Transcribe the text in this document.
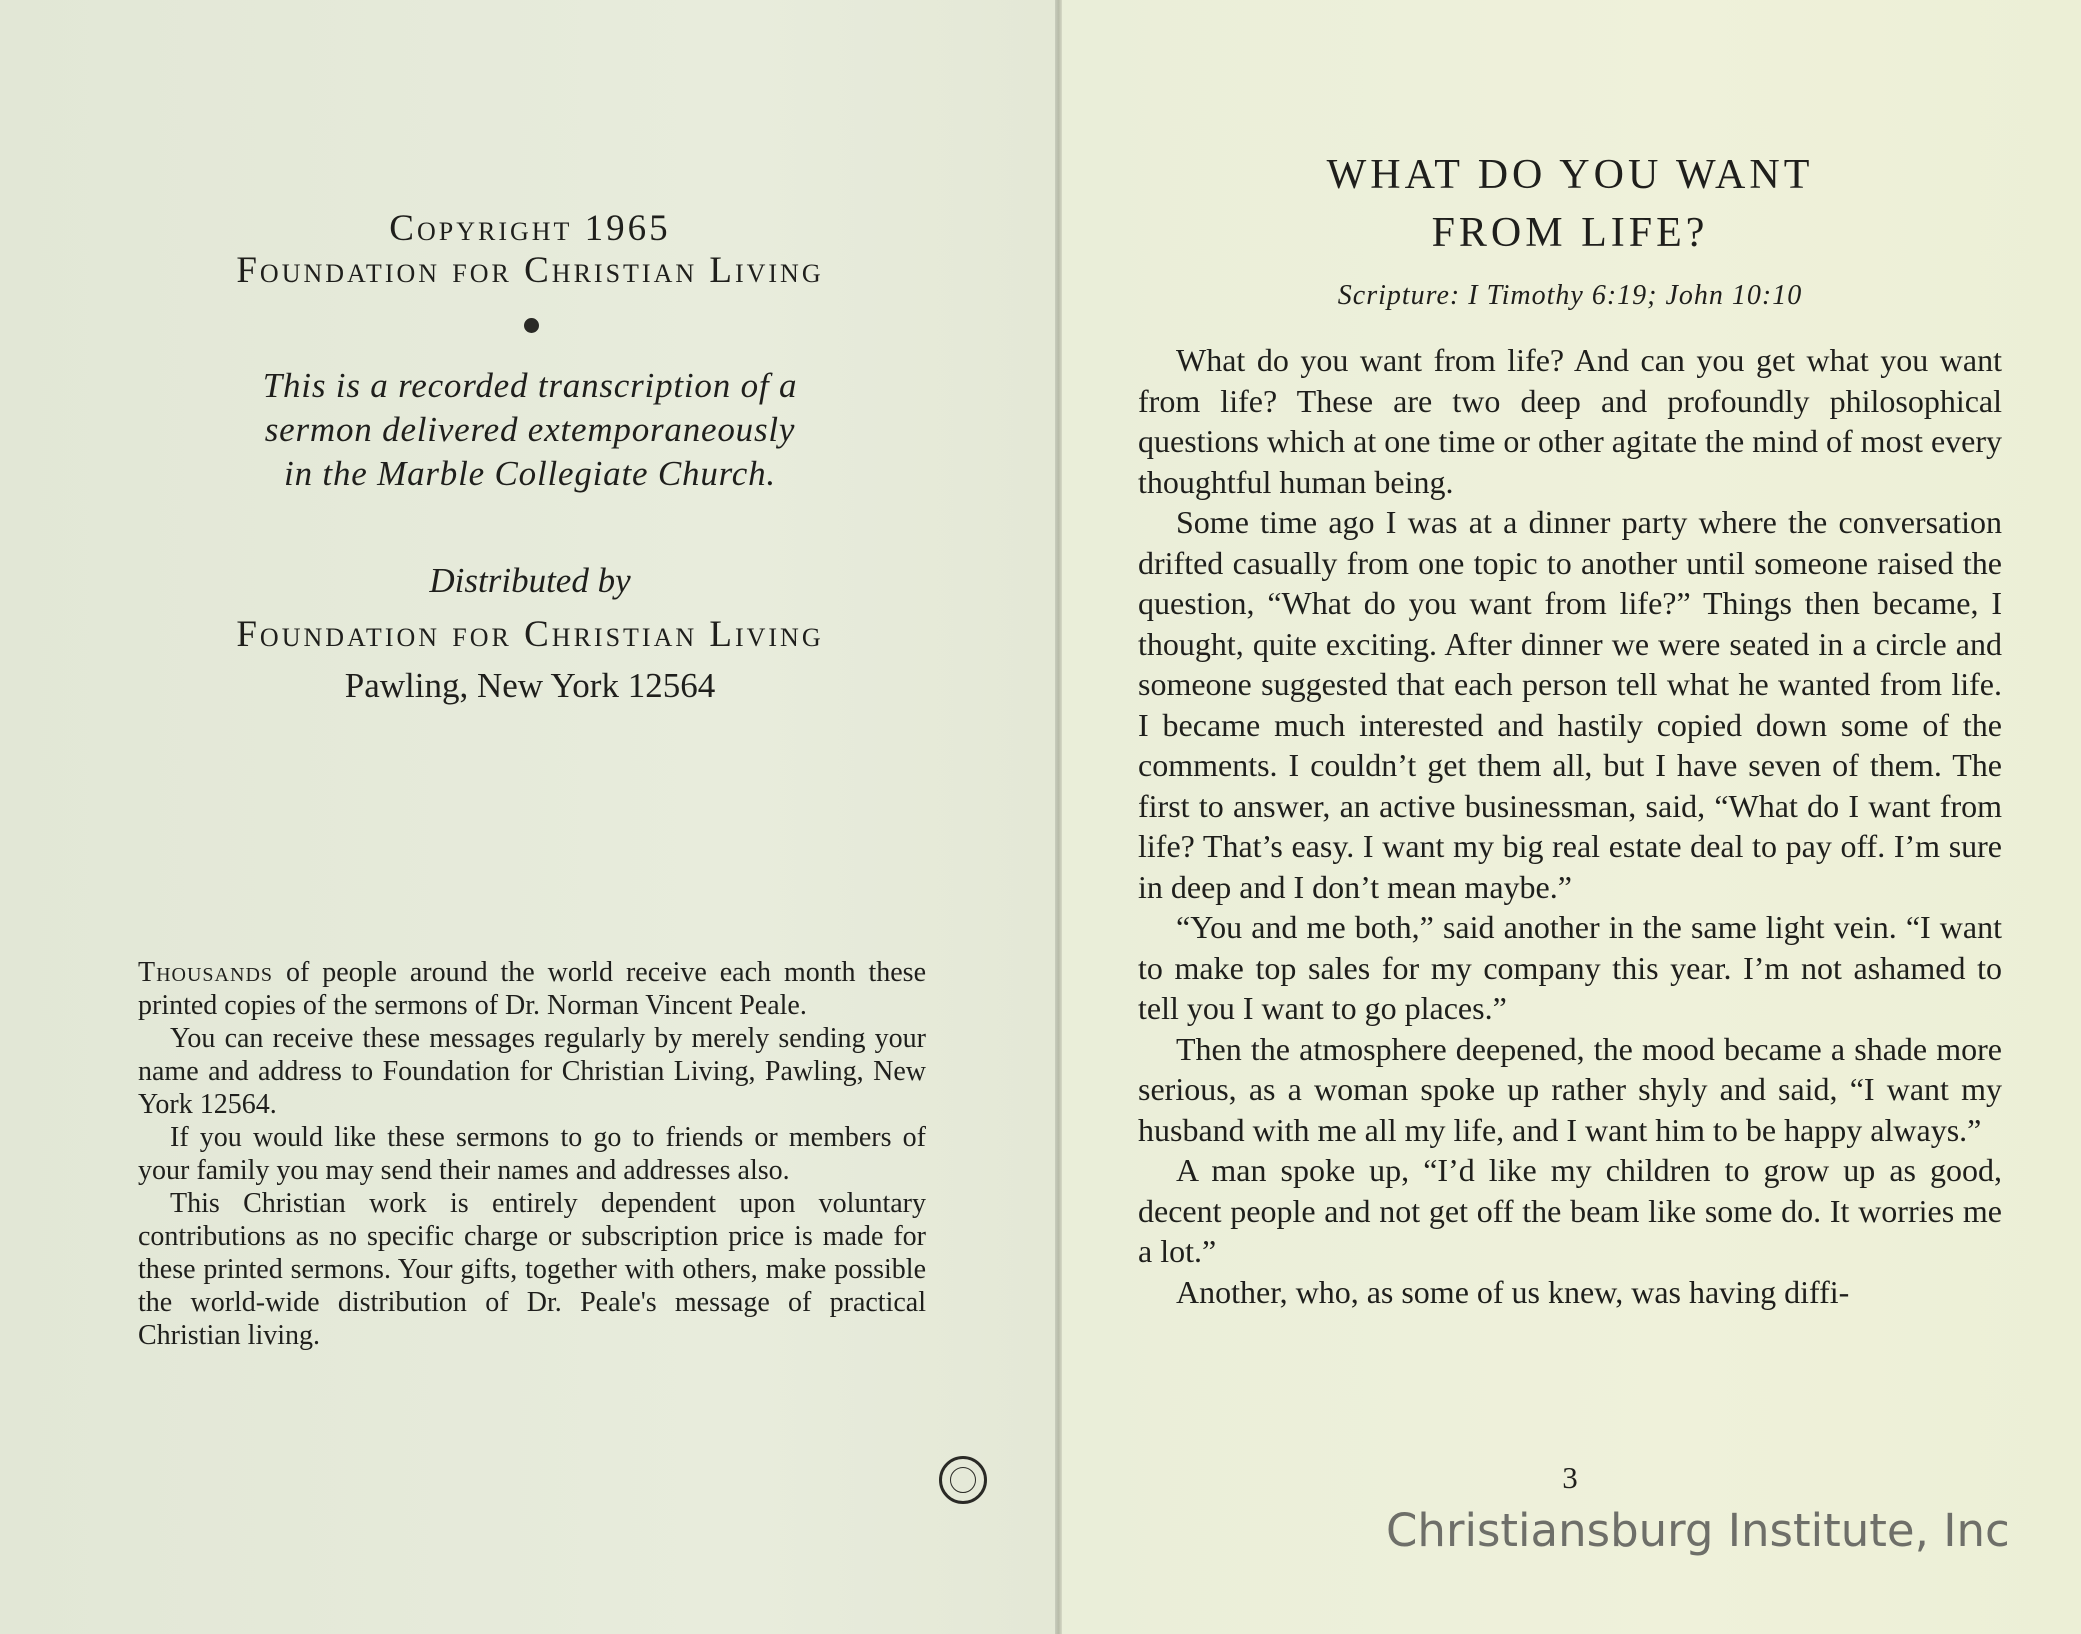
Copyright 1965
Foundation for Christian Living
This is a recorded transcription of a
sermon delivered extemporaneously
in the Marble Collegiate Church.
Distributed by
Foundation for Christian Living
Pawling, New York 12564

Thousands of people around the world receive each month these printed copies of the sermons of Dr. Norman Vincent Peale.

You can receive these messages regularly by merely sending your name and address to Foundation for Christian Living, Pawling, New York 12564.

If you would like these sermons to go to friends or members of your family you may send their names and addresses also.

This Christian work is entirely dependent upon voluntary contributions as no specific charge or subscription price is made for these printed sermons. Your gifts, together with others, make possible the world-wide distribution of Dr. Peale's message of practical Christian living.

WHAT DO YOU WANT
FROM LIFE?
Scripture: I Timothy 6:19; John 10:10

What do you want from life? And can you get what you want from life? These are two deep and profoundly philosophical questions which at one time or other agitate the mind of most every thoughtful human being.

Some time ago I was at a dinner party where the conversation drifted casually from one topic to another until someone raised the question, “What do you want from life?” Things then became, I thought, quite exciting. After dinner we were seated in a circle and someone suggested that each person tell what he wanted from life. I became much interested and hastily copied down some of the comments. I couldn’t get them all, but I have seven of them. The first to answer, an active businessman, said, “What do I want from life? That’s easy. I want my big real estate deal to pay off. I’m sure in deep and I don’t mean maybe.”

“You and me both,” said another in the same light vein. “I want to make top sales for my company this year. I’m not ashamed to tell you I want to go places.”

Then the atmosphere deepened, the mood became a shade more serious, as a woman spoke up rather shyly and said, “I want my husband with me all my life, and I want him to be happy always.”

A man spoke up, “I’d like my children to grow up as good, decent people and not get off the beam like some do. It worries me a lot.”

Another, who, as some of us knew, was having diffi-

3
Christiansburg Institute, Inc
